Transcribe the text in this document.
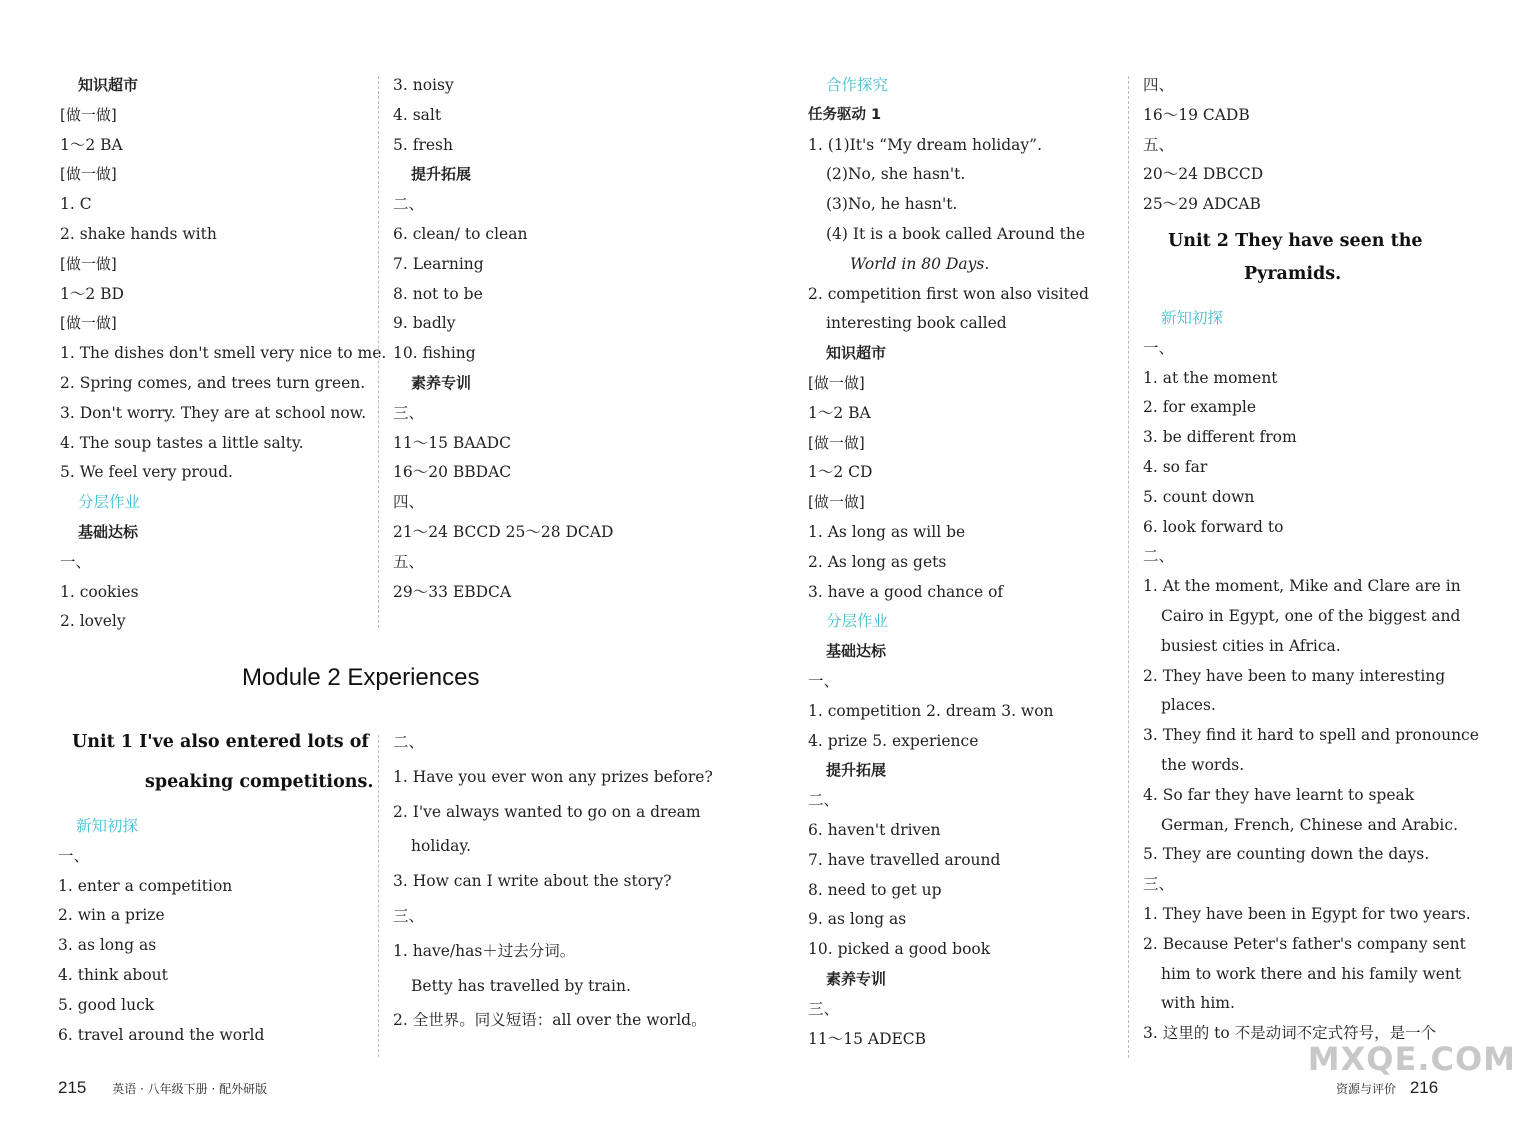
知识超市
[做一做]
1～2 BA
[做一做]
1. C
2. shake hands with
[做一做]
1～2 BD
[做一做]
1. The dishes don't smell very nice to me.
2. Spring comes, and trees turn green.
3. Don't worry. They are at school now.
4. The soup tastes a little salty.
5. We feel very proud.
分层作业
基础达标
一、
1. cookies
2. lovely
3. noisy
4. salt
5. fresh
提升拓展
二、
6. clean/ to clean
7. Learning
8. not to be
9. badly
10. fishing
素养专训
三、
11～15 BAADC
16～20 BBDAC
四、
21～24 BCCD 25～28 DCAD
五、
29～33 EBDCA
Module 2 Experiences
Unit 1 I've also entered lots of
speaking competitions.
新知初探
一、
1. enter a competition
2. win a prize
3. as long as
4. think about
5. good luck
6. travel around the world
二、
1. Have you ever won any prizes before?
2. I've always wanted to go on a dream
holiday.
3. How can I write about the story?
三、
1. have/has＋过去分词。
Betty has travelled by train.
2. 全世界。同义短语：all over the world。
215 英语 · 八年级下册 · 配外研版
合作探究
任务驱动 1
1. (1)It's “My dream holiday”.
(2)No, she hasn't.
(3)No, he hasn't.
(4) It is a book called Around the
World in 80 Days.
2. competition first won also visited
interesting book called
知识超市
[做一做]
1～2 BA
[做一做]
1～2 CD
[做一做]
1. As long as will be
2. As long as gets
3. have a good chance of
分层作业
基础达标
一、
1. competition 2. dream 3. won
4. prize 5. experience
提升拓展
二、
6. haven't driven
7. have travelled around
8. need to get up
9. as long as
10. picked a good book
素养专训
三、
11～15 ADECB
四、
16～19 CADB
五、
20～24 DBCCD
25～29 ADCAB
Unit 2 They have seen the
Pyramids.
新知初探
一、
1. at the moment
2. for example
3. be different from
4. so far
5. count down
6. look forward to
二、
1. At the moment, Mike and Clare are in
Cairo in Egypt, one of the biggest and
busiest cities in Africa.
2. They have been to many interesting
places.
3. They find it hard to spell and pronounce
the words.
4. So far they have learnt to speak
German, French, Chinese and Arabic.
5. They are counting down the days.
三、
1. They have been in Egypt for two years.
2. Because Peter's father's company sent
him to work there and his family went
with him.
3. 这里的 to 不是动词不定式符号，是一个
资源与评价 216
MXQE.COM
